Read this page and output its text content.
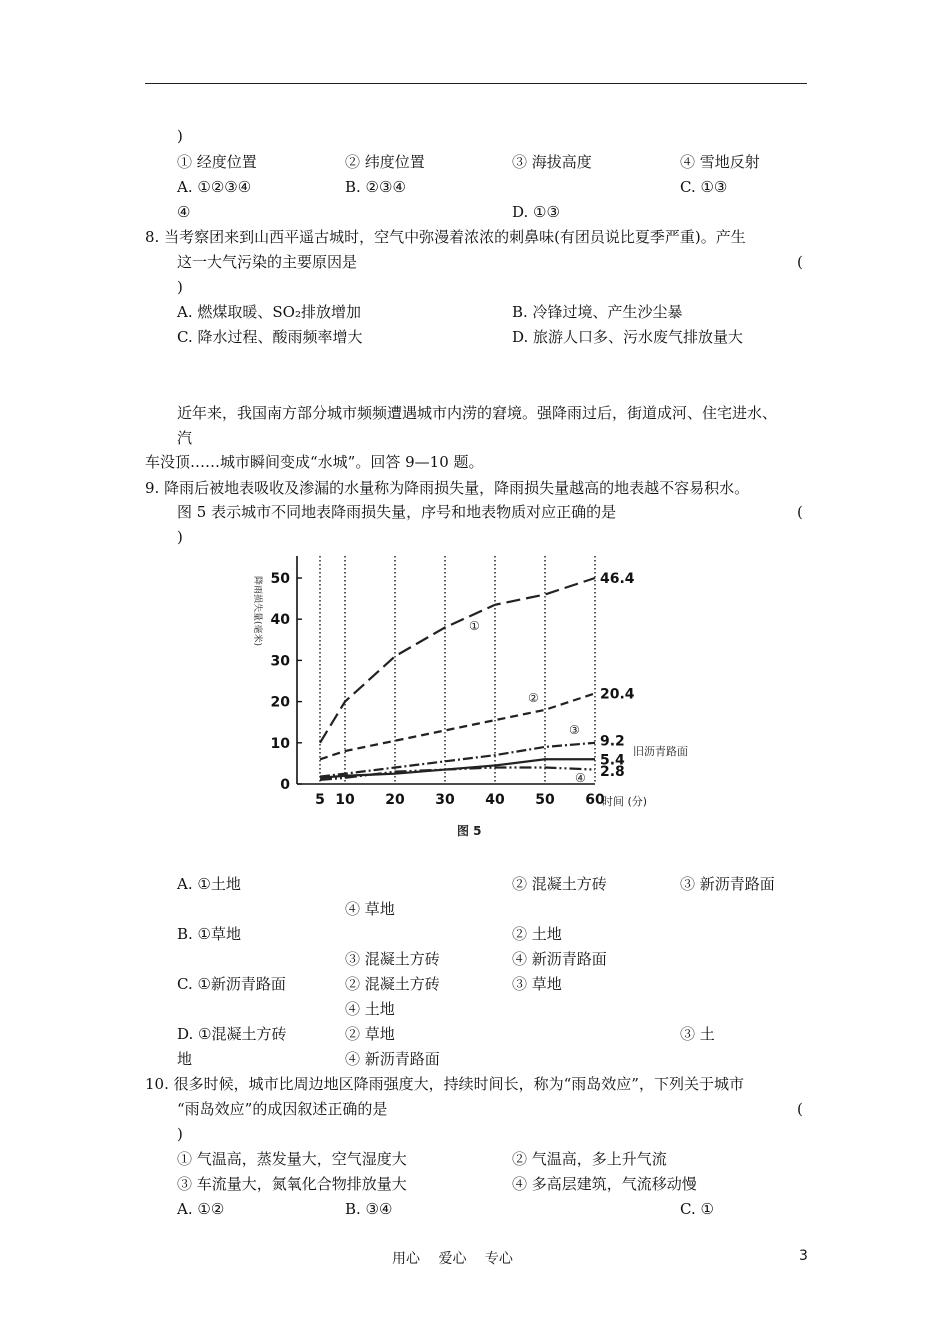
)
① 经度位置	② 纬度位置	③ 海拔高度	④ 雪地反射
A. ①②③④	B. ②③④	C. ①③
④	D. ①③
8. 当考察团来到山西平遥古城时，空气中弥漫着浓浓的刺鼻味(有团员说比夏季严重)。产生
这一大气污染的主要原因是	(
)
A. 燃煤取暖、SO₂排放增加	B. 冷锋过境、产生沙尘暴
C. 降水过程、酸雨频率增大	D. 旅游人口多、污水废气排放量大
近年来，我国南方部分城市频频遭遇城市内涝的窘境。强降雨过后，街道成河、住宅进水、
汽
车没顶……城市瞬间变成“水城”。回答 9—10 题。
9. 降雨后被地表吸收及渗漏的水量称为降雨损失量，降雨损失量越高的地表越不容易积水。
图 5 表示城市不同地表降雨损失量，序号和地表物质对应正确的是	(
)
0
10
20
30
40
50
5 10 20 30 40 50 60
46.4
①
20.4
②
9.2
③
5.4
旧沥青路面
2.8
④
降雨损失量(毫米)
时间 (分)
图 5
A. ①土地	② 混凝土方砖	③ 新沥青路面
④ 草地
B. ①草地	② 土地
③ 混凝土方砖	④ 新沥青路面
C. ①新沥青路面	② 混凝土方砖	③ 草地
④ 土地
D. ①混凝土方砖	② 草地	③ 土
地	④ 新沥青路面
10. 很多时候，城市比周边地区降雨强度大，持续时间长，称为“雨岛效应”，下列关于城市
“雨岛效应”的成因叙述正确的是	(
)
① 气温高，蒸发量大，空气湿度大	② 气温高，多上升气流
③ 车流量大，氮氧化合物排放量大	④ 多高层建筑，气流移动慢
A. ①②	B. ③④	C. ①
用心　 爱心　 专心	3
